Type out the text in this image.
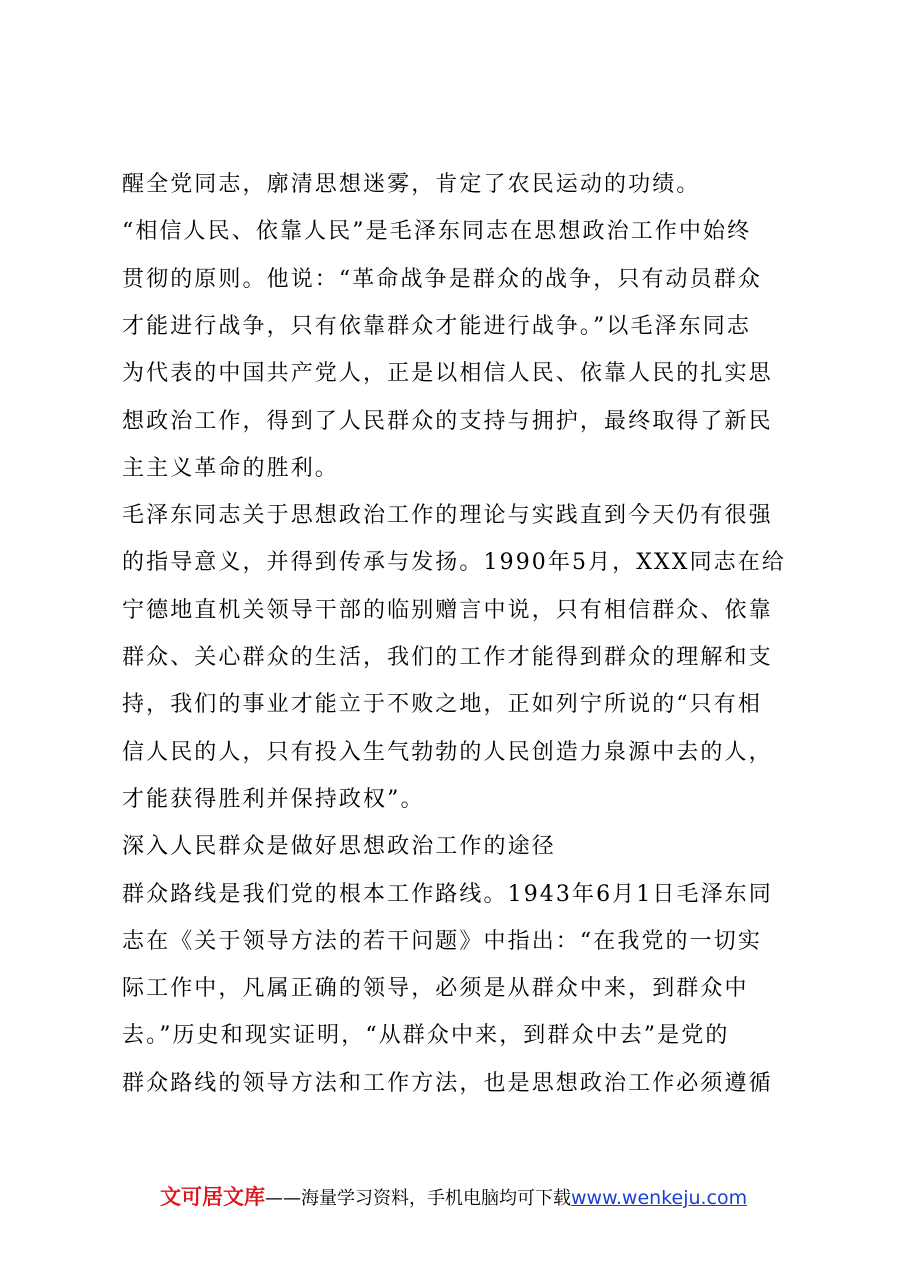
醒全党同志，廓清思想迷雾，肯定了农民运动的功绩。
“相信人民、依靠人民”是毛泽东同志在思想政治工作中始终
贯彻的原则。他说：“革命战争是群众的战争，只有动员群众
才能进行战争，只有依靠群众才能进行战争。”以毛泽东同志
为代表的中国共产党人，正是以相信人民、依靠人民的扎实思
想政治工作，得到了人民群众的支持与拥护，最终取得了新民
主主义革命的胜利。
毛泽东同志关于思想政治工作的理论与实践直到今天仍有很强
的指导意义，并得到传承与发扬。1990年5月，XXX同志在给
宁德地直机关领导干部的临别赠言中说，只有相信群众、依靠
群众、关心群众的生活，我们的工作才能得到群众的理解和支
持，我们的事业才能立于不败之地，正如列宁所说的“只有相
信人民的人，只有投入生气勃勃的人民创造力泉源中去的人，
才能获得胜利并保持政权”。
深入人民群众是做好思想政治工作的途径
群众路线是我们党的根本工作路线。1943年6月1日毛泽东同
志在《关于领导方法的若干问题》中指出：“在我党的一切实
际工作中，凡属正确的领导，必须是从群众中来，到群众中
去。”历史和现实证明，“从群众中来，到群众中去”是党的
群众路线的领导方法和工作方法，也是思想政治工作必须遵循
文可居文库——海量学习资料，手机电脑均可下载www.wenkeju.com
